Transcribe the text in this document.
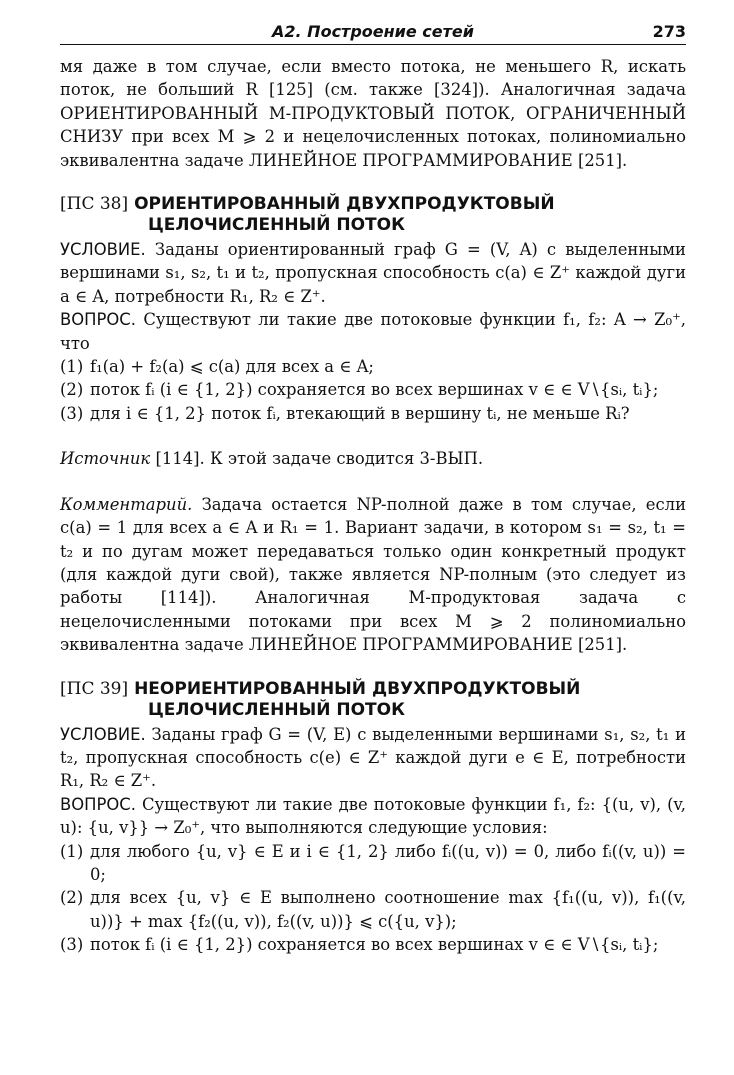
A2. Построение сетей	273

мя даже в том случае, если вместо потока, не меньшего R, искать поток, не больший R [125] (см. также [324]). Аналогичная задача ОРИЕНТИРОВАННЫЙ М-ПРОДУКТОВЫЙ ПОТОК, ОГРАНИЧЕННЫЙ СНИЗУ при всех M ⩾ 2 и нецелочисленных потоках, полиномиально эквивалентна задаче ЛИНЕЙНОЕ ПРОГРАММИРОВАНИЕ [251].

[ПС 38] ОРИЕНТИРОВАННЫЙ ДВУХПРОДУКТОВЫЙ
ЦЕЛОЧИСЛЕННЫЙ ПОТОК

УСЛОВИЕ. Заданы ориентированный граф G = (V, A) с выделенными вершинами s₁, s₂, t₁ и t₂, пропускная способность c(a) ∈ Z⁺ каждой дуги a ∈ A, потребности R₁, R₂ ∈ Z⁺.

ВОПРОС. Существуют ли такие две потоковые функции f₁, f₂: A → Z₀⁺, что

(1) f₁(a) + f₂(a) ⩽ c(a) для всех a ∈ A;
(2) поток fᵢ (i ∈ {1, 2}) сохраняется во всех вершинах v ∈ ∈ V∖{sᵢ, tᵢ};
(3) для i ∈ {1, 2} поток fᵢ, втекающий в вершину tᵢ, не меньше Rᵢ?

Источник [114]. К этой задаче сводится 3-ВЫП.

Комментарий. Задача остается NP-полной даже в том случае, если c(a) = 1 для всех a ∈ A и R₁ = 1. Вариант задачи, в котором s₁ = s₂, t₁ = t₂ и по дугам может передаваться только один конкретный продукт (для каждой дуги свой), также является NP-полным (это следует из работы [114]). Аналогичная M-продуктовая задача с нецелочисленными потоками при всех M ⩾ 2 полиномиально эквивалентна задаче ЛИНЕЙНОЕ ПРОГРАММИРОВАНИЕ [251].

[ПС 39] НЕОРИЕНТИРОВАННЫЙ ДВУХПРОДУКТОВЫЙ
ЦЕЛОЧИСЛЕННЫЙ ПОТОК

УСЛОВИЕ. Заданы граф G = (V, E) с выделенными вершинами s₁, s₂, t₁ и t₂, пропускная способность c(e) ∈ Z⁺ каждой дуги e ∈ E, потребности R₁, R₂ ∈ Z⁺.

ВОПРОС. Существуют ли такие две потоковые функции f₁, f₂: {(u, v), (v, u): {u, v}} → Z₀⁺, что выполняются следующие условия:

(1) для любого {u, v} ∈ E и i ∈ {1, 2} либо fᵢ((u, v)) = 0, либо fᵢ((v, u)) = 0;
(2) для всех {u, v} ∈ E выполнено соотношение max {f₁((u, v)), f₁((v, u))} + max {f₂((u, v)), f₂((v, u))} ⩽ c({u, v});
(3) поток fᵢ (i ∈ {1, 2}) сохраняется во всех вершинах v ∈ ∈ V∖{sᵢ, tᵢ};
